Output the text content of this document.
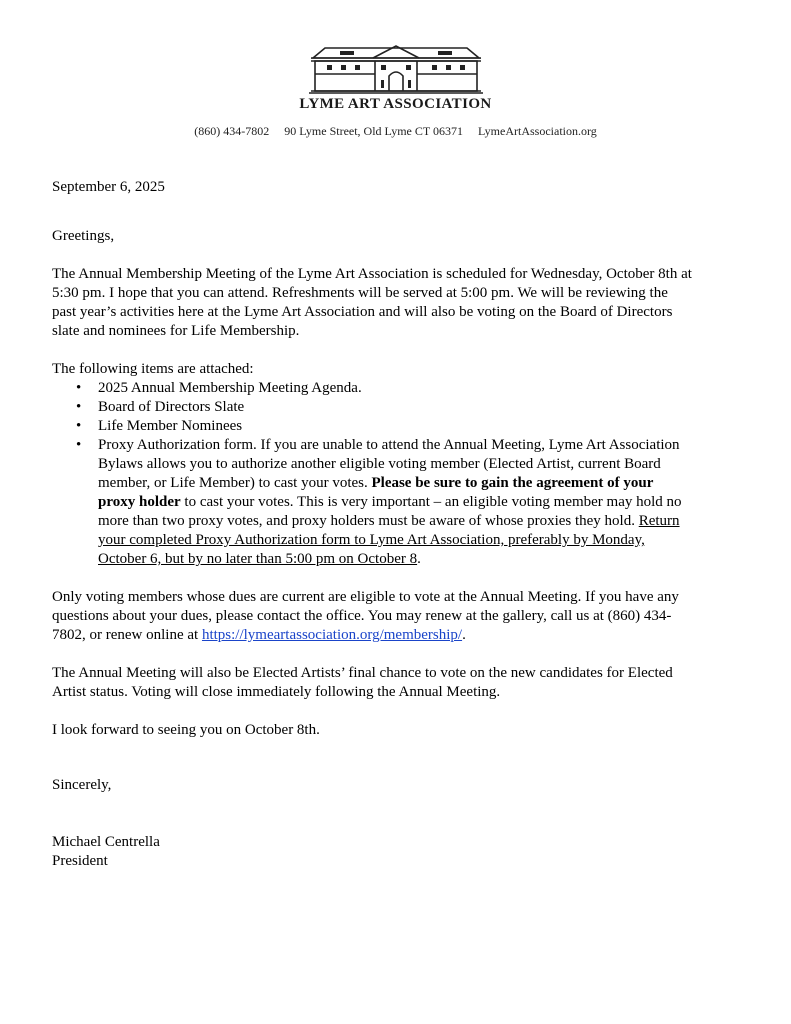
LYME ART ASSOCIATION
(860) 434-7802 90 Lyme Street, Old Lyme CT 06371 LymeArtAssociation.org

September 6, 2025

Greetings,

The Annual Membership Meeting of the Lyme Art Association is scheduled for Wednesday, October 8th at 5:30 pm. I hope that you can attend. Refreshments will be served at 5:00 pm. We will be reviewing the past year’s activities here at the Lyme Art Association and will also be voting on the Board of Directors slate and nominees for Life Membership.

The following items are attached:

• 2025 Annual Membership Meeting Agenda.
• Board of Directors Slate
• Life Member Nominees
• Proxy Authorization form. If you are unable to attend the Annual Meeting, Lyme Art Association Bylaws allows you to authorize another eligible voting member (Elected Artist, current Board member, or Life Member) to cast your votes. Please be sure to gain the agreement of your proxy holder to cast your votes. This is very important – an eligible voting member may hold no more than two proxy votes, and proxy holders must be aware of whose proxies they hold. Return your completed Proxy Authorization form to Lyme Art Association, preferably by Monday, October 6, but by no later than 5:00 pm on October 8.

Only voting members whose dues are current are eligible to vote at the Annual Meeting. If you have any questions about your dues, please contact the office. You may renew at the gallery, call us at (860) 434-7802, or renew online at https://lymeartassociation.org/membership/.

The Annual Meeting will also be Elected Artists’ final chance to vote on the new candidates for Elected Artist status. Voting will close immediately following the Annual Meeting.

I look forward to seeing you on October 8th.

Sincerely,

Michael Centrella

President
